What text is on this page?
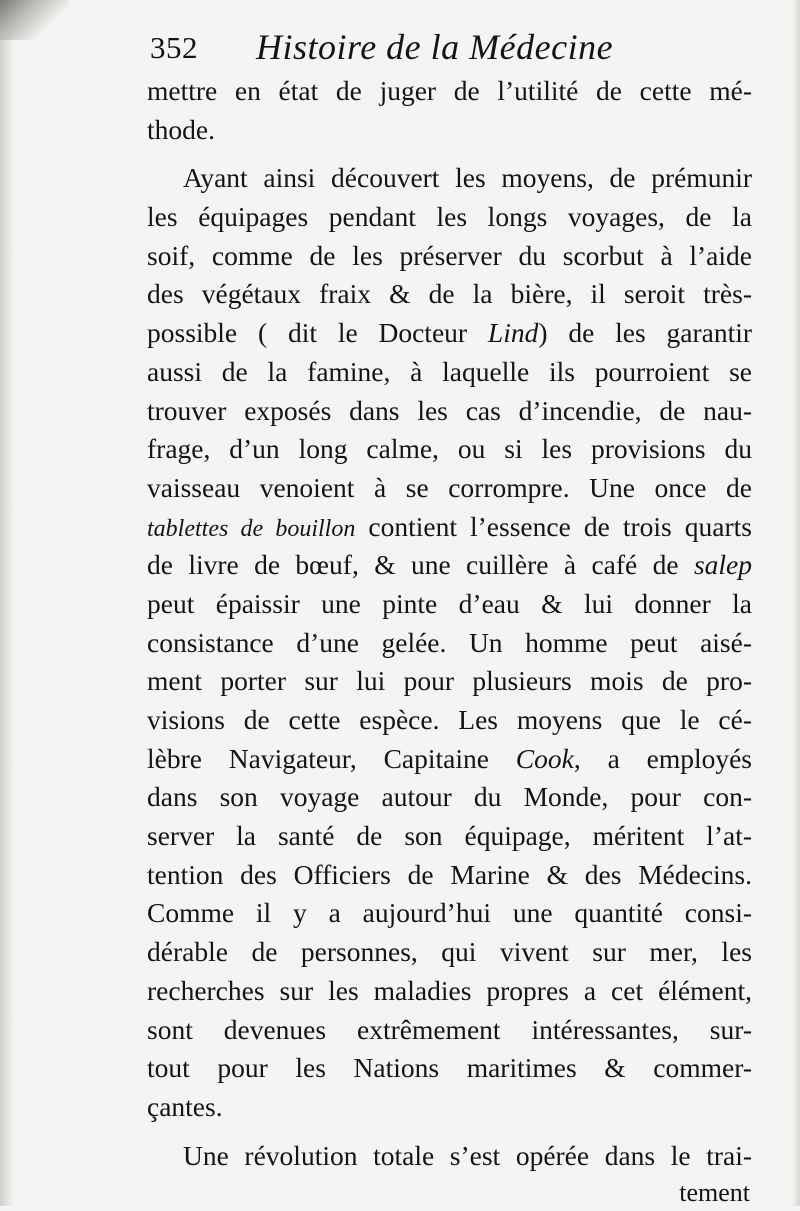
352 Histoire de la Médecine
mettre en état de juger de l’utilité de cette mé-
thode.
Ayant ainsi découvert les moyens, de prémunir
les équipages pendant les longs voyages, de la
soif, comme de les préserver du scorbut à l’aide
des végétaux fraix & de la bière, il seroit très-
possible ( dit le Docteur Lind) de les garantir
aussi de la famine, à laquelle ils pourroient se
trouver exposés dans les cas d’incendie, de nau-
frage, d’un long calme, ou si les provisions du
vaisseau venoient à se corrompre. Une once de
tablettes de bouillon contient l’essence de trois quarts
de livre de bœuf, & une cuillère à café de salep
peut épaissir une pinte d’eau & lui donner la
consistance d’une gelée. Un homme peut aisé-
ment porter sur lui pour plusieurs mois de pro-
visions de cette espèce. Les moyens que le cé-
lèbre Navigateur, Capitaine Cook, a employés
dans son voyage autour du Monde, pour con-
server la santé de son équipage, méritent l’at-
tention des Officiers de Marine & des Médecins.
Comme il y a aujourd’hui une quantité consi-
dérable de personnes, qui vivent sur mer, les
recherches sur les maladies propres a cet élément,
sont devenues extrêmement intéressantes, sur-
tout pour les Nations maritimes & commer-
çantes.
Une révolution totale s’est opérée dans le trai-
tement
